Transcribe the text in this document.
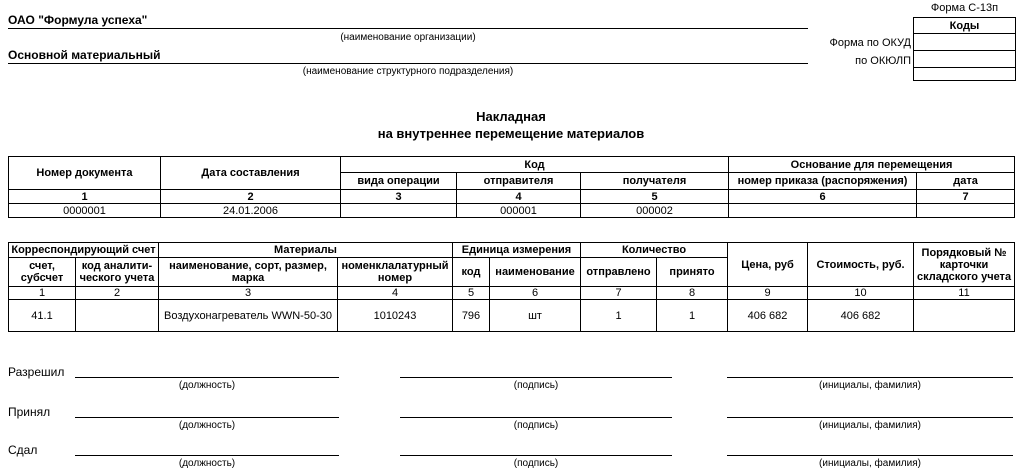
ОАО "Формула успеха"
(наименование организации)
Основной материальный
(наименование структурного подразделения)
Форма С-13п
Коды

Форма по ОКУД
по ОКЮЛП
Накладная
на внутреннее перемещение материалов
Номер документа	Дата составления	Код			Основание для перемещения	
		вида операции	отправителя	получателя	номер приказа (распоряжения)	дата
1	2	3	4	5	6	7
0000001	24.01.2006		000001	000002		
Корреспондирующий счет		Материалы		Единица измерения		Количество		Цена, руб	Стоимость, руб.	Порядковый № карточки складского учета
счет, субсчет	код аналити- ческого учета	наименование, сорт, размер, марка	номенклалатурный номер	код	наименование	отправлено	принято			
1	2	3	4	5	6	7	8	9	10	11
41.1		Воздухонагреватель WWN-50-30	1010243	796	шт	1	1	406 682	406 682	
Разрешил
(должность)	(подпись)	(инициалы, фамилия)
Принял
(должность)	(подпись)	(инициалы, фамилия)
Сдал
(должность)	(подпись)	(инициалы, фамилия)
